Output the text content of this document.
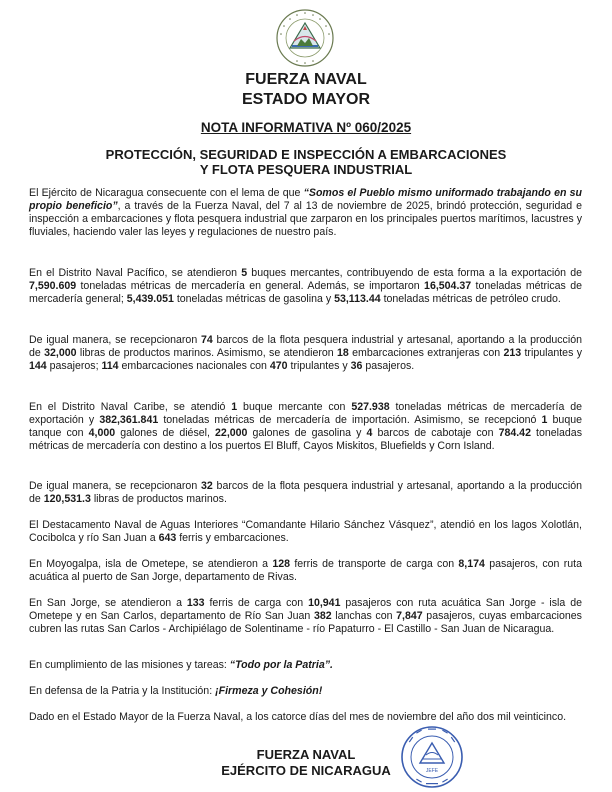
FUERZA NAVAL
ESTADO MAYOR
NOTA INFORMATIVA Nº 060/2025
PROTECCIÓN, SEGURIDAD E INSPECCIÓN A EMBARCACIONES
Y FLOTA PESQUERA INDUSTRIAL

El Ejército de Nicaragua consecuente con el lema de que “Somos el Pueblo mismo uniformado trabajando en su propio beneficio”, a través de la Fuerza Naval, del 7 al 13 de noviembre de 2025, brindó protección, seguridad e inspección a embarcaciones y flota pesquera industrial que zarparon en los principales puertos marítimos, lacustres y fluviales, haciendo valer las leyes y regulaciones de nuestro país.

En el Distrito Naval Pacífico, se atendieron 5 buques mercantes, contribuyendo de esta forma a la exportación de 7,590.609 toneladas métricas de mercadería en general. Además, se importaron 16,504.37 toneladas métricas de mercadería general; 5,439.051 toneladas métricas de gasolina y 53,113.44 toneladas métricas de petróleo crudo.

De igual manera, se recepcionaron 74 barcos de la flota pesquera industrial y artesanal, aportando a la producción de 32,000 libras de productos marinos. Asimismo, se atendieron 18 embarcaciones extranjeras con 213 tripulantes y 144 pasajeros; 114 embarcaciones nacionales con 470 tripulantes y 36 pasajeros.

En el Distrito Naval Caribe, se atendió 1 buque mercante con 527.938 toneladas métricas de mercadería de exportación y 382,361.841 toneladas métricas de mercadería de importación. Asimismo, se recepcionó 1 buque tanque con 4,000 galones de diésel, 22,000 galones de gasolina y 4 barcos de cabotaje con 784.42 toneladas métricas de mercadería con destino a los puertos El Bluff, Cayos Miskitos, Bluefields y Corn Island.

De igual manera, se recepcionaron 32 barcos de la flota pesquera industrial y artesanal, aportando a la producción de 120,531.3 libras de productos marinos.

El Destacamento Naval de Aguas Interiores “Comandante Hilario Sánchez Vásquez”, atendió en los lagos Xolotlán, Cocibolca y río San Juan a 643 ferris y embarcaciones.

En Moyogalpa, isla de Ometepe, se atendieron a 128 ferris de transporte de carga con 8,174 pasajeros, con ruta acuática al puerto de San Jorge, departamento de Rivas.

En San Jorge, se atendieron a 133 ferris de carga con 10,941 pasajeros con ruta acuática San Jorge - isla de Ometepe y en San Carlos, departamento de Río San Juan 382 lanchas con 7,847 pasajeros, cuyas embarcaciones cubren las rutas San Carlos - Archipiélago de Solentiname - río Papaturro - El Castillo - San Juan de Nicaragua.

En cumplimiento de las misiones y tareas: “Todo por la Patria”.

En defensa de la Patria y la Institución: ¡Firmeza y Cohesión!

Dado en el Estado Mayor de la Fuerza Naval, a los catorce días del mes de noviembre del año dos mil veinticinco.

FUERZA NAVAL
EJÉRCITO DE NICARAGUA	JEFE
